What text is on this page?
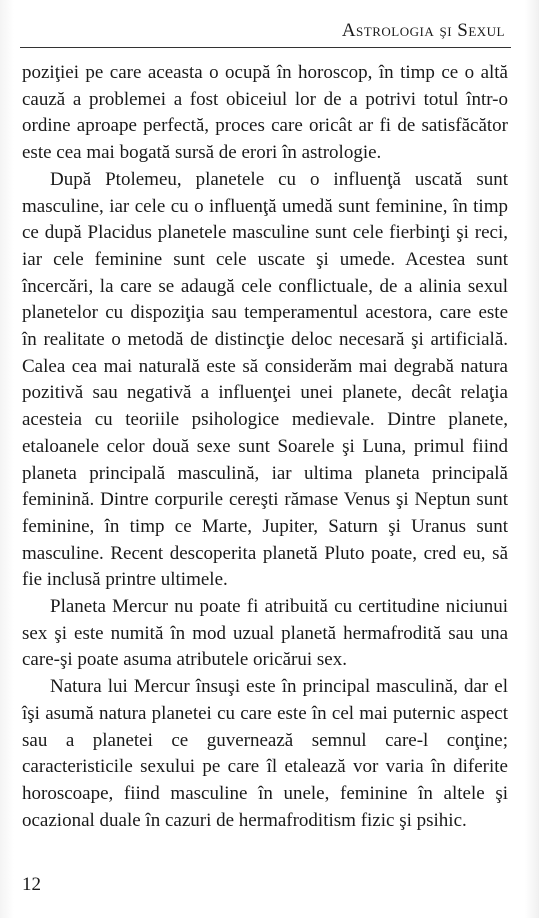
Astrologia şi Sexul

poziţiei pe care aceasta o ocupă în horoscop, în timp ce o altă cauză a problemei a fost obiceiul lor de a potrivi totul într-o ordine aproape perfectă, proces care oricât ar fi de satisfăcător este cea mai bogată sursă de erori în astrologie.

După Ptolemeu, planetele cu o influenţă uscată sunt masculine, iar cele cu o influenţă umedă sunt feminine, în timp ce după Placidus planetele masculine sunt cele fierbinţi şi reci, iar cele feminine sunt cele uscate şi umede. Acestea sunt încercări, la care se adaugă cele conflictuale, de a alinia sexul planetelor cu dispoziţia sau temperamentul acestora, care este în realitate o metodă de distincţie deloc necesară şi artificială. Calea cea mai naturală este să considerăm mai degrabă natura pozitivă sau negativă a influenţei unei planete, decât relaţia acesteia cu teoriile psihologice medievale. Dintre planete, etaloanele celor două sexe sunt Soarele şi Luna, primul fiind planeta principală masculină, iar ultima planeta principală feminină. Dintre corpurile cereşti rămase Venus şi Neptun sunt feminine, în timp ce Marte, Jupiter, Saturn şi Uranus sunt masculine. Recent descoperita planetă Pluto poate, cred eu, să fie inclusă printre ultimele.

Planeta Mercur nu poate fi atribuită cu certitudine niciunui sex şi este numită în mod uzual planetă hermafrodită sau una care-şi poate asuma atributele oricărui sex.

Natura lui Mercur însuşi este în principal masculină, dar el îşi asumă natura planetei cu care este în cel mai puternic aspect sau a planetei ce guvernează semnul care-l conţine; caracteristicile sexului pe care îl etalează vor varia în diferite horoscoape, fiind masculine în unele, feminine în altele şi ocazional duale în cazuri de hermafroditism fizic şi psihic.

12
